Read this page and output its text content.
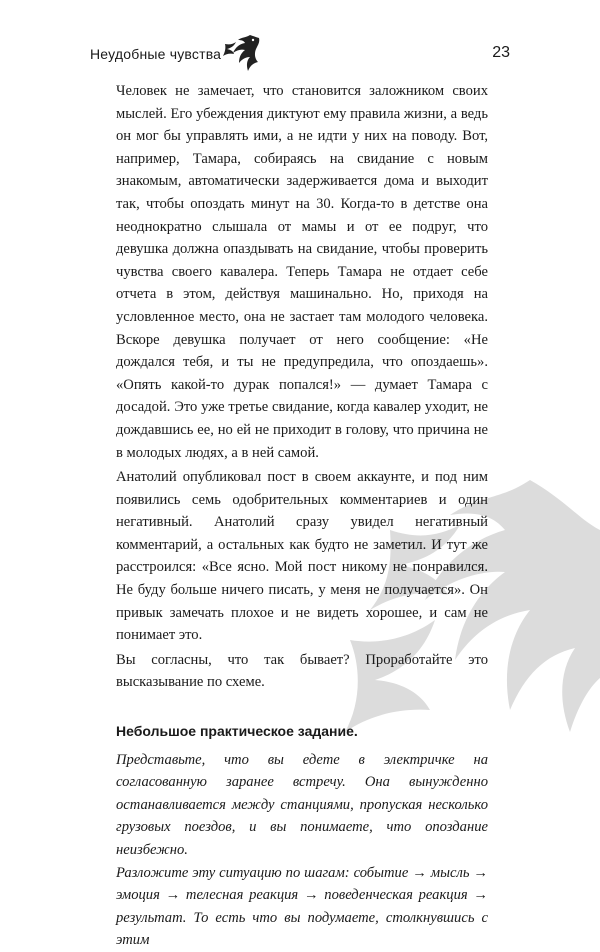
Неудобные чувства	23

Человек не замечает, что становится заложником своих мыслей. Его убеждения диктуют ему правила жизни, а ведь он мог бы управлять ими, а не идти у них на поводу. Вот, например, Тамара, собираясь на свидание с новым знакомым, автоматически задерживается дома и выходит так, чтобы опоздать минут на 30. Когда-то в детстве она неоднократно слышала от мамы и от ее подруг, что девушка должна опаздывать на свидание, чтобы проверить чувства своего кавалера. Теперь Тамара не отдает себе отчета в этом, действуя машинально. Но, приходя на условленное место, она не застает там молодого человека. Вскоре девушка получает от него сообщение: «Не дождался тебя, и ты не предупредила, что опоздаешь». «Опять какой-то дурак попался!» — думает Тамара с досадой. Это уже третье свидание, когда кавалер уходит, не дождавшись ее, но ей не приходит в голову, что причина не в молодых людях, а в ней самой.

Анатолий опубликовал пост в своем аккаунте, и под ним появились семь одобрительных комментариев и один негативный. Анатолий сразу увидел негативный комментарий, а остальных как будто не заметил. И тут же расстроился: «Все ясно. Мой пост никому не понравился. Не буду больше ничего писать, у меня не получается». Он привык замечать плохое и не видеть хорошее, и сам не понимает это.

Вы согласны, что так бывает? Проработайте это высказывание по схеме.

Небольшое практическое задание.

Представьте, что вы едете в электричке на согласованную заранее встречу. Она вынужденно останавливается между станциями, пропуская несколько грузовых поездов, и вы понимаете, что опоздание неизбежно.

Разложите эту ситуацию по шагам: событие → мысль → эмоция → телесная реакция → поведенческая реакция → результат. То есть что вы подумаете, столкнувшись с этим
